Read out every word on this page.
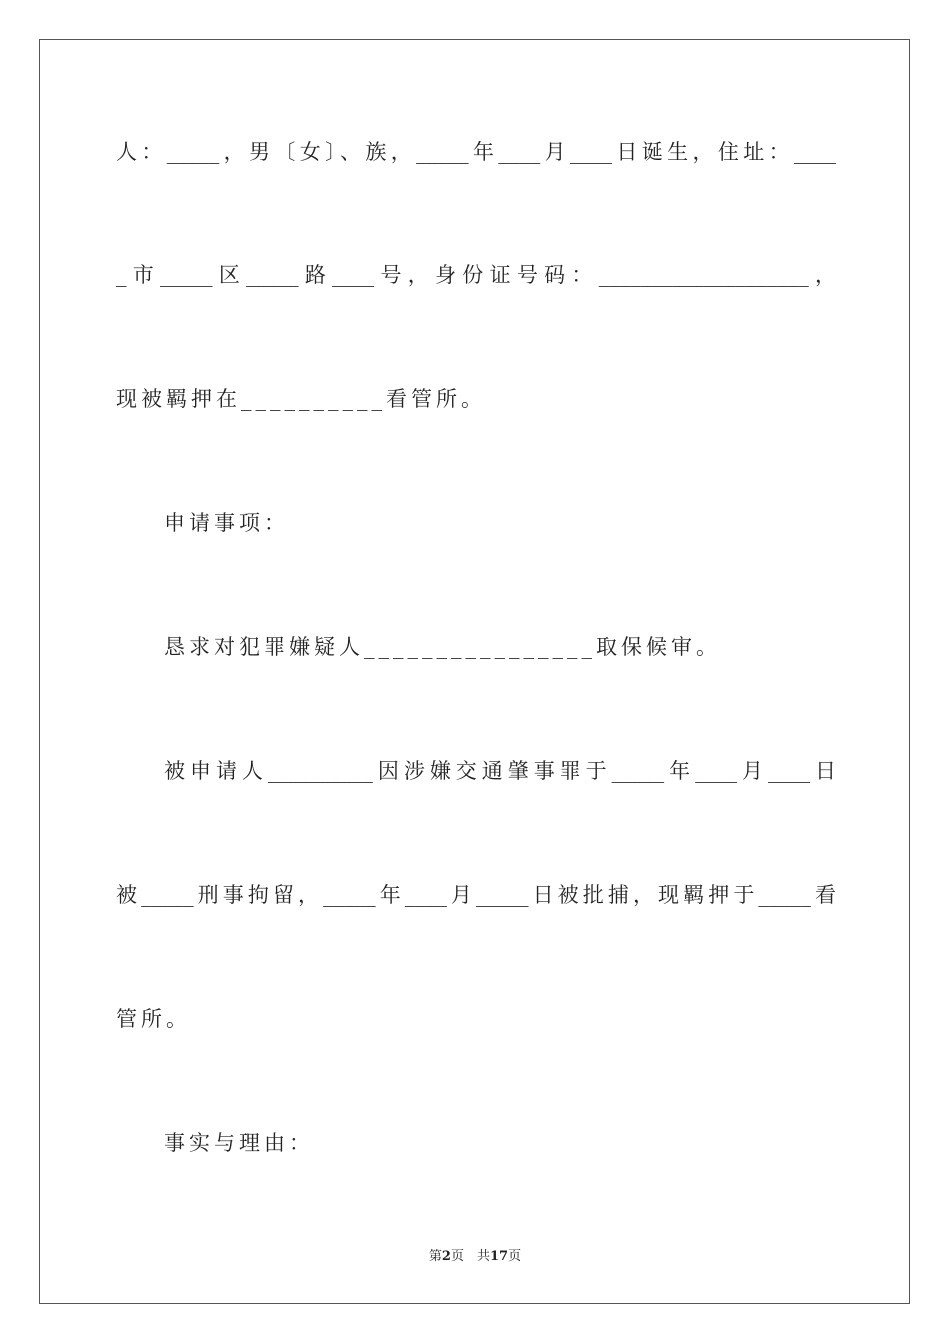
人：_____，男〔女〕、族，_____年____月____日诞生，住址：____
_市_____区_____路____号，身份证号码：____________________，
现被羁押在__________看管所。
申请事项：
恳求对犯罪嫌疑人________________取保候审。
被申请人__________因涉嫌交通肇事罪于_____年____月____日
被_____刑事拘留，_____年____月_____日被批捕，现羁押于_____看
管所。
事实与理由：
第2页　共17页
